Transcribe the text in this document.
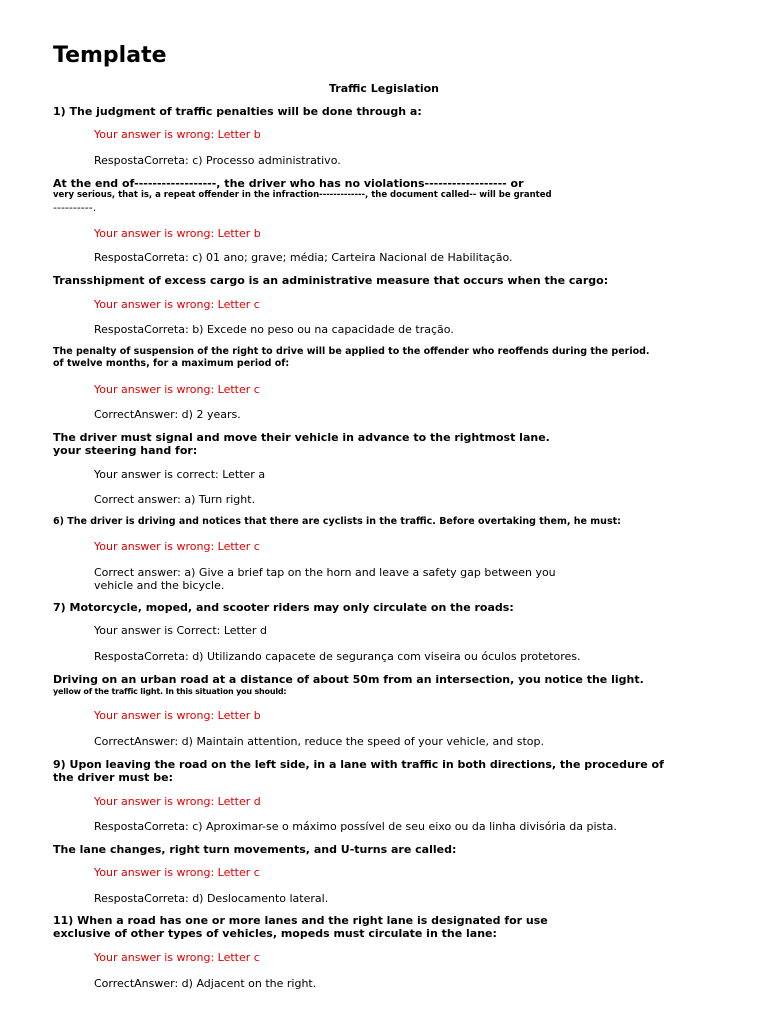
Template
Traffic Legislation
1) The judgment of traffic penalties will be done through a:
Your answer is wrong: Letter b
RespostaCorreta: c) Processo administrativo.
At the end of------------------, the driver who has no violations------------------ or
very serious, that is, a repeat offender in the infraction-------------, the document called-- will be granted
----------.
Your answer is wrong: Letter b
RespostaCorreta: c) 01 ano; grave; média; Carteira Nacional de Habilitação.
Transshipment of excess cargo is an administrative measure that occurs when the cargo:
Your answer is wrong: Letter c
RespostaCorreta: b) Excede no peso ou na capacidade de tração.
The penalty of suspension of the right to drive will be applied to the offender who reoffends during the period.
of twelve months, for a maximum period of:
Your answer is wrong: Letter c
CorrectAnswer: d) 2 years.
The driver must signal and move their vehicle in advance to the rightmost lane.
your steering hand for:
Your answer is correct: Letter a
Correct answer: a) Turn right.
6) The driver is driving and notices that there are cyclists in the traffic. Before overtaking them, he must:
Your answer is wrong: Letter c
Correct answer: a) Give a brief tap on the horn and leave a safety gap between you
vehicle and the bicycle.
7) Motorcycle, moped, and scooter riders may only circulate on the roads:
Your answer is Correct: Letter d
RespostaCorreta: d) Utilizando capacete de segurança com viseira ou óculos protetores.
Driving on an urban road at a distance of about 50m from an intersection, you notice the light.
yellow of the traffic light. In this situation you should:
Your answer is wrong: Letter b
CorrectAnswer: d) Maintain attention, reduce the speed of your vehicle, and stop.
9) Upon leaving the road on the left side, in a lane with traffic in both directions, the procedure of
the driver must be:
Your answer is wrong: Letter d
RespostaCorreta: c) Aproximar-se o máximo possível de seu eixo ou da linha divisória da pista.
The lane changes, right turn movements, and U-turns are called:
Your answer is wrong: Letter c
RespostaCorreta: d) Deslocamento lateral.
11) When a road has one or more lanes and the right lane is designated for use
exclusive of other types of vehicles, mopeds must circulate in the lane:
Your answer is wrong: Letter c
CorrectAnswer: d) Adjacent on the right.
